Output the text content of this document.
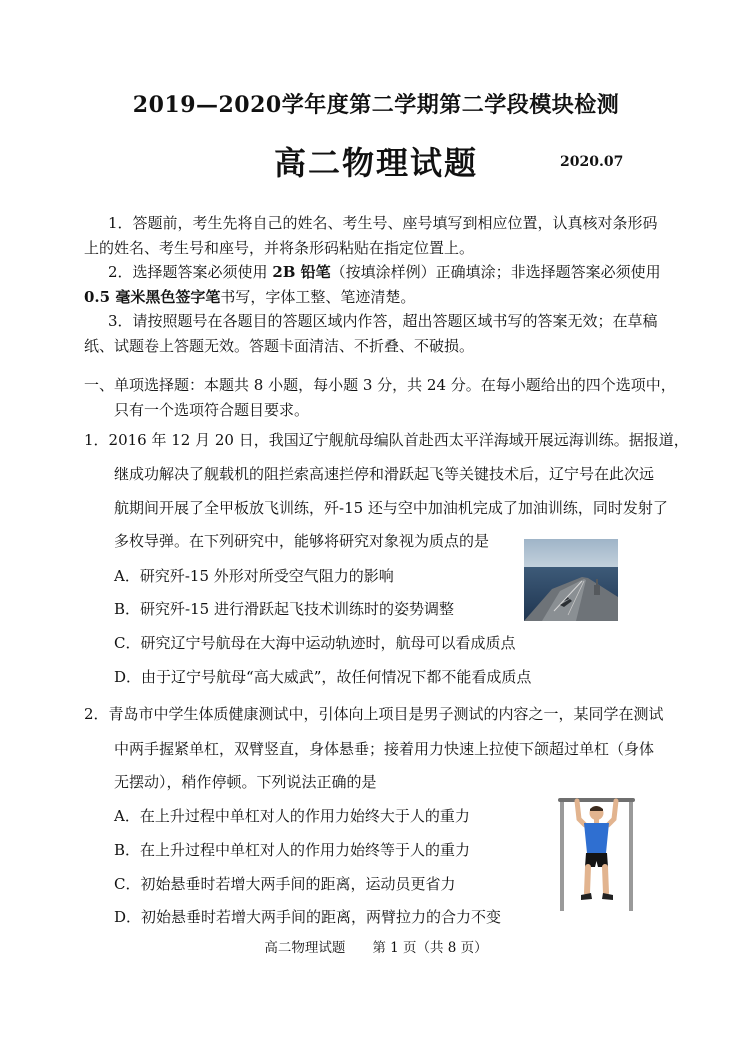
2019—2020学年度第二学期第二学段模块检测
高二物理试题	2020.07
1．答题前，考生先将自己的姓名、考生号、座号填写到相应位置，认真核对条形码
上的姓名、考生号和座号，并将条形码粘贴在指定位置上。
2．选择题答案必须使用 2B 铅笔（按填涂样例）正确填涂；非选择题答案必须使用
0.5 毫米黑色签字笔书写，字体工整、笔迹清楚。
3．请按照题号在各题目的答题区域内作答，超出答题区域书写的答案无效；在草稿
纸、试题卷上答题无效。答题卡面清洁、不折叠、不破损。
一、单项选择题：本题共 8 小题，每小题 3 分，共 24 分。在每小题给出的四个选项中，
只有一个选项符合题目要求。
1．2016 年 12 月 20 日，我国辽宁舰航母编队首赴西太平洋海域开展远海训练。据报道，
继成功解决了舰载机的阻拦索高速拦停和滑跃起飞等关键技术后，辽宁号在此次远
航期间开展了全甲板放飞训练，歼-15 还与空中加油机完成了加油训练，同时发射了
多枚导弹。在下列研究中，能够将研究对象视为质点的是
A．研究歼-15 外形对所受空气阻力的影响
B．研究歼-15 进行滑跃起飞技术训练时的姿势调整
C．研究辽宁号航母在大海中运动轨迹时，航母可以看成质点
D．由于辽宁号航母“高大威武”，故任何情况下都不能看成质点
2．青岛市中学生体质健康测试中，引体向上项目是男子测试的内容之一，某同学在测试
中两手握紧单杠，双臂竖直，身体悬垂；接着用力快速上拉使下颌超过单杠（身体
无摆动），稍作停顿。下列说法正确的是
A．在上升过程中单杠对人的作用力始终大于人的重力
B．在上升过程中单杠对人的作用力始终等于人的重力
C．初始悬垂时若增大两手间的距离，运动员更省力
D．初始悬垂时若增大两手间的距离，两臂拉力的合力不变
高二物理试题　　第 1 页（共 8 页）
